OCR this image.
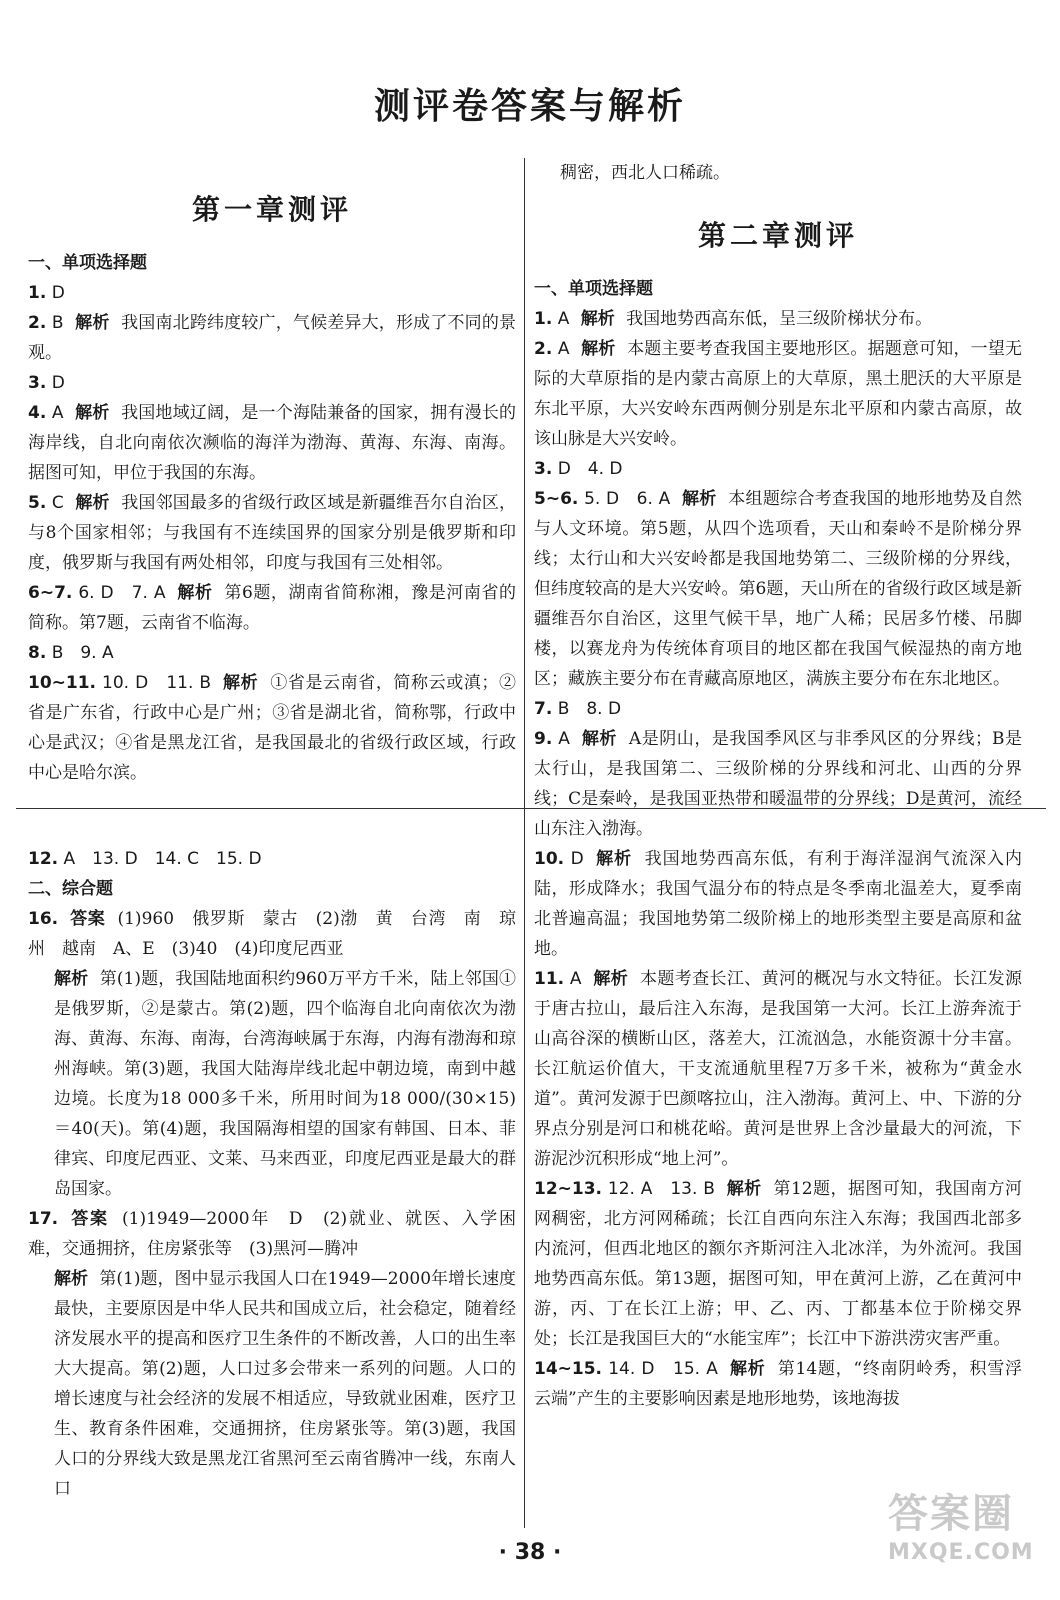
测评卷答案与解析
第一章测评
一、单项选择题
1. D
2. B 解析 我国南北跨纬度较广，气候差异大，形成了不同的景观。
3. D
4. A 解析 我国地域辽阔，是一个海陆兼备的国家，拥有漫长的海岸线，自北向南依次濒临的海洋为渤海、黄海、东海、南海。据图可知，甲位于我国的东海。
5. C 解析 我国邻国最多的省级行政区域是新疆维吾尔自治区，与8个国家相邻；与我国有不连续国界的国家分别是俄罗斯和印度，俄罗斯与我国有两处相邻，印度与我国有三处相邻。
6~7. 6. D　7. A 解析 第6题，湖南省简称湘，豫是河南省的简称。第7题，云南省不临海。
8. B　9. A
10~11. 10. D　11. B 解析 ①省是云南省，简称云或滇；②省是广东省，行政中心是广州；③省是湖北省，简称鄂，行政中心是武汉；④省是黑龙江省，是我国最北的省级行政区域，行政中心是哈尔滨。
12. A　13. D　14. C　15. D
二、综合题
16. 答案 (1)960　俄罗斯　蒙古　(2)渤　黄　台湾　南　琼州　越南　A、E　(3)40　(4)印度尼西亚
解析 第(1)题，我国陆地面积约960万平方千米，陆上邻国①是俄罗斯，②是蒙古。第(2)题，四个临海自北向南依次为渤海、黄海、东海、南海，台湾海峡属于东海，内海有渤海和琼州海峡。第(3)题，我国大陆海岸线北起中朝边境，南到中越边境。长度为18 000多千米，所用时间为18 000/(30×15)＝40(天)。第(4)题，我国隔海相望的国家有韩国、日本、菲律宾、印度尼西亚、文莱、马来西亚，印度尼西亚是最大的群岛国家。
17. 答案 (1)1949—2000年　D　(2)就业、就医、入学困难，交通拥挤，住房紧张等　(3)黑河—腾冲
解析 第(1)题，图中显示我国人口在1949—2000年增长速度最快，主要原因是中华人民共和国成立后，社会稳定，随着经济发展水平的提高和医疗卫生条件的不断改善，人口的出生率大大提高。第(2)题，人口过多会带来一系列的问题。人口的增长速度与社会经济的发展不相适应，导致就业困难，医疗卫生、教育条件困难，交通拥挤，住房紧张等。第(3)题，我国人口的分界线大致是黑龙江省黑河至云南省腾冲一线，东南人口
稠密，西北人口稀疏。
第二章测评
一、单项选择题
1. A 解析 我国地势西高东低，呈三级阶梯状分布。
2. A 解析 本题主要考查我国主要地形区。据题意可知，一望无际的大草原指的是内蒙古高原上的大草原，黑土肥沃的大平原是东北平原，大兴安岭东西两侧分别是东北平原和内蒙古高原，故该山脉是大兴安岭。
3. D　4. D
5~6. 5. D　6. A 解析 本组题综合考查我国的地形地势及自然与人文环境。第5题，从四个选项看，天山和秦岭不是阶梯分界线；太行山和大兴安岭都是我国地势第二、三级阶梯的分界线，但纬度较高的是大兴安岭。第6题，天山所在的省级行政区域是新疆维吾尔自治区，这里气候干旱，地广人稀；民居多竹楼、吊脚楼，以赛龙舟为传统体育项目的地区都在我国气候湿热的南方地区；藏族主要分布在青藏高原地区，满族主要分布在东北地区。
7. B　8. D
9. A 解析 A是阴山，是我国季风区与非季风区的分界线；B是太行山，是我国第二、三级阶梯的分界线和河北、山西的分界线；C是秦岭，是我国亚热带和暖温带的分界线；D是黄河，流经山东注入渤海。
10. D 解析 我国地势西高东低，有利于海洋湿润气流深入内陆，形成降水；我国气温分布的特点是冬季南北温差大，夏季南北普遍高温；我国地势第二级阶梯上的地形类型主要是高原和盆地。
11. A 解析 本题考查长江、黄河的概况与水文特征。长江发源于唐古拉山，最后注入东海，是我国第一大河。长江上游奔流于山高谷深的横断山区，落差大，江流汹急，水能资源十分丰富。长江航运价值大，干支流通航里程7万多千米，被称为“黄金水道”。黄河发源于巴颜喀拉山，注入渤海。黄河上、中、下游的分界点分别是河口和桃花峪。黄河是世界上含沙量最大的河流，下游泥沙沉积形成“地上河”。
12~13. 12. A　13. B 解析 第12题，据图可知，我国南方河网稠密，北方河网稀疏；长江自西向东注入东海；我国西北部多内流河，但西北地区的额尔齐斯河注入北冰洋，为外流河。我国地势西高东低。第13题，据图可知，甲在黄河上游，乙在黄河中游，丙、丁在长江上游；甲、乙、丙、丁都基本位于阶梯交界处；长江是我国巨大的“水能宝库”；长江中下游洪涝灾害严重。
14~15. 14. D　15. A 解析 第14题，“终南阴岭秀，积雪浮云端”产生的主要影响因素是地形地势，该地海拔
· 38 ·
答案圈
MXQE.COM
